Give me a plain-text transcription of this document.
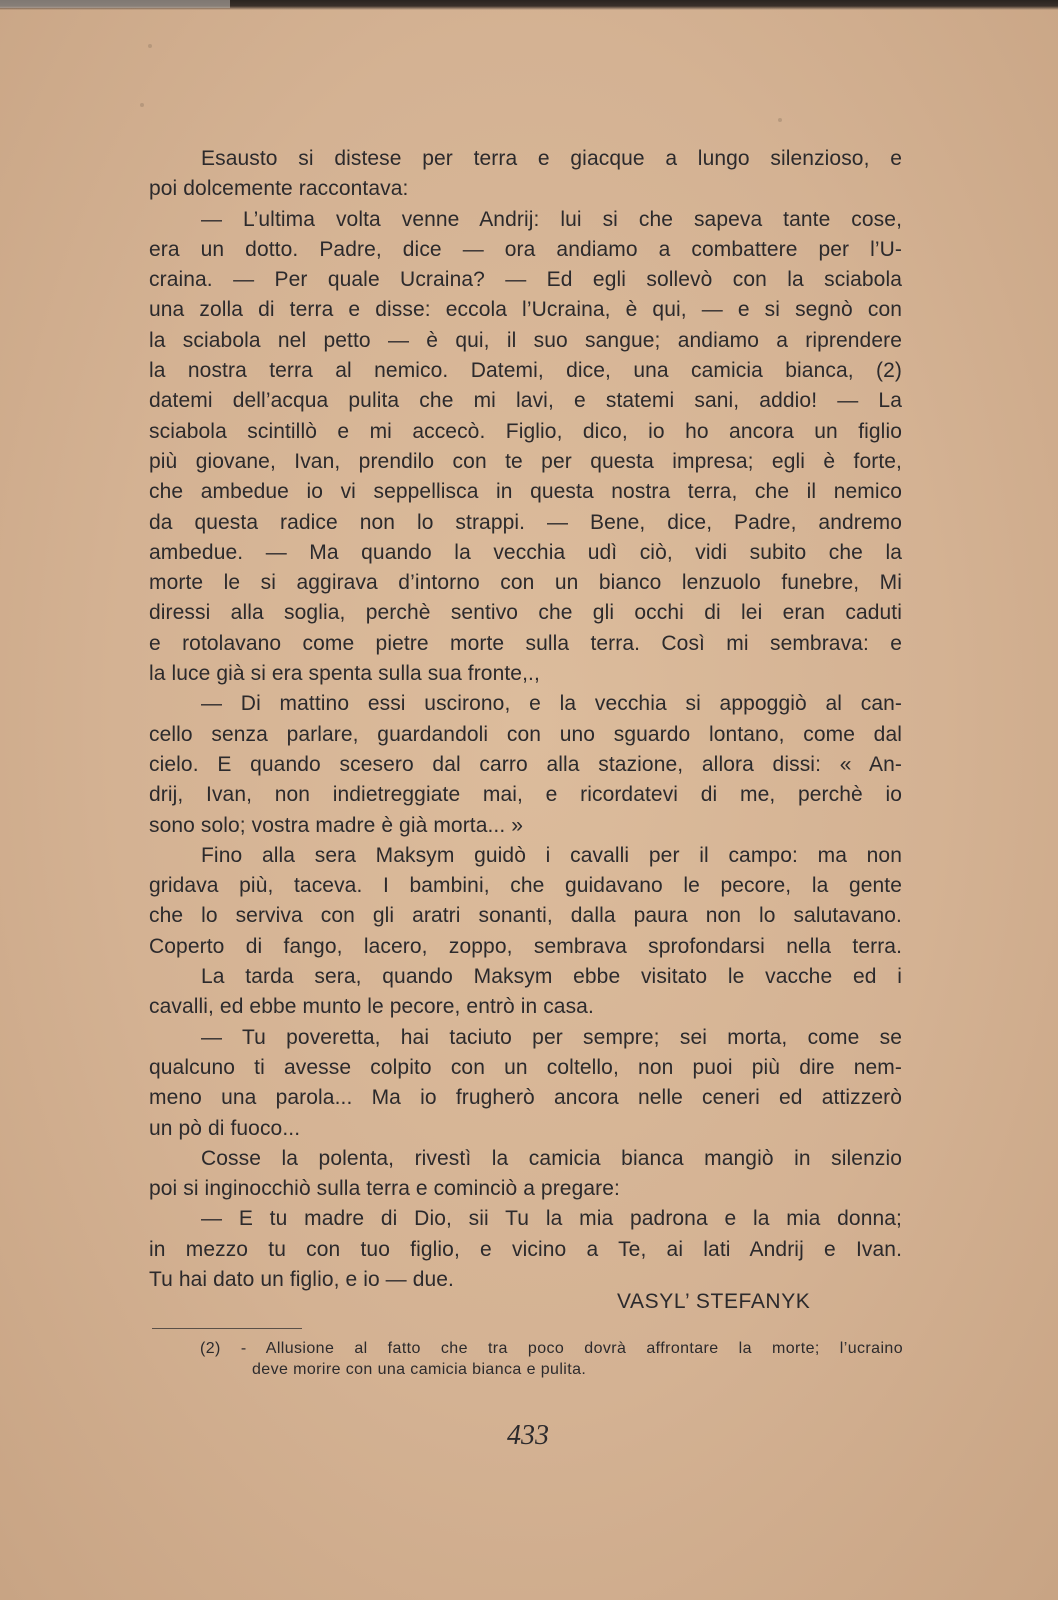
Esausto si distese per terra e giacque a lungo silenzioso, e
poi dolcemente raccontava:
— L’ultima volta venne Andrij: lui si che sapeva tante cose,
era un dotto. Padre, dice — ora andiamo a combattere per l’U-
craina. — Per quale Ucraina? — Ed egli sollevò con la sciabola
una zolla di terra e disse: eccola l’Ucraina, è qui, — e si segnò con
la sciabola nel petto — è qui, il suo sangue; andiamo a riprendere
la nostra terra al nemico. Datemi, dice, una camicia bianca, (2)
datemi dell’acqua pulita che mi lavi, e statemi sani, addio! — La
sciabola scintillò e mi accecò. Figlio, dico, io ho ancora un figlio
più giovane, Ivan, prendilo con te per questa impresa; egli è forte,
che ambedue io vi seppellisca in questa nostra terra, che il nemico
da questa radice non lo strappi. — Bene, dice, Padre, andremo
ambedue. — Ma quando la vecchia udì ciò, vidi subito che la
morte le si aggirava d’intorno con un bianco lenzuolo funebre, Mi
diressi alla soglia, perchè sentivo che gli occhi di lei eran caduti
e rotolavano come pietre morte sulla terra. Così mi sembrava: e
la luce già si era spenta sulla sua fronte,.,
— Di mattino essi uscirono, e la vecchia si appoggiò al can-
cello senza parlare, guardandoli con uno sguardo lontano, come dal
cielo. E quando scesero dal carro alla stazione, allora dissi: « An-
drij, Ivan, non indietreggiate mai, e ricordatevi di me, perchè io
sono solo; vostra madre è già morta... »
Fino alla sera Maksym guidò i cavalli per il campo: ma non
gridava più, taceva. I bambini, che guidavano le pecore, la gente
che lo serviva con gli aratri sonanti, dalla paura non lo salutavano.
Coperto di fango, lacero, zoppo, sembrava sprofondarsi nella terra.
La tarda sera, quando Maksym ebbe visitato le vacche ed i
cavalli, ed ebbe munto le pecore, entrò in casa.
— Tu poveretta, hai taciuto per sempre; sei morta, come se
qualcuno ti avesse colpito con un coltello, non puoi più dire nem-
meno una parola... Ma io frugherò ancora nelle ceneri ed attizzerò
un pò di fuoco...
Cosse la polenta, rivestì la camicia bianca mangiò in silenzio
poi si inginocchiò sulla terra e cominciò a pregare:
— E tu madre di Dio, sii Tu la mia padrona e la mia donna;
in mezzo tu con tuo figlio, e vicino a Te, ai lati Andrij e Ivan.
Tu hai dato un figlio, e io — due.
VASYL’ STEFANYK
(2) - Allusione al fatto che tra poco dovrà affrontare la morte; l’ucraino
deve morire con una camicia bianca e pulita.
433
